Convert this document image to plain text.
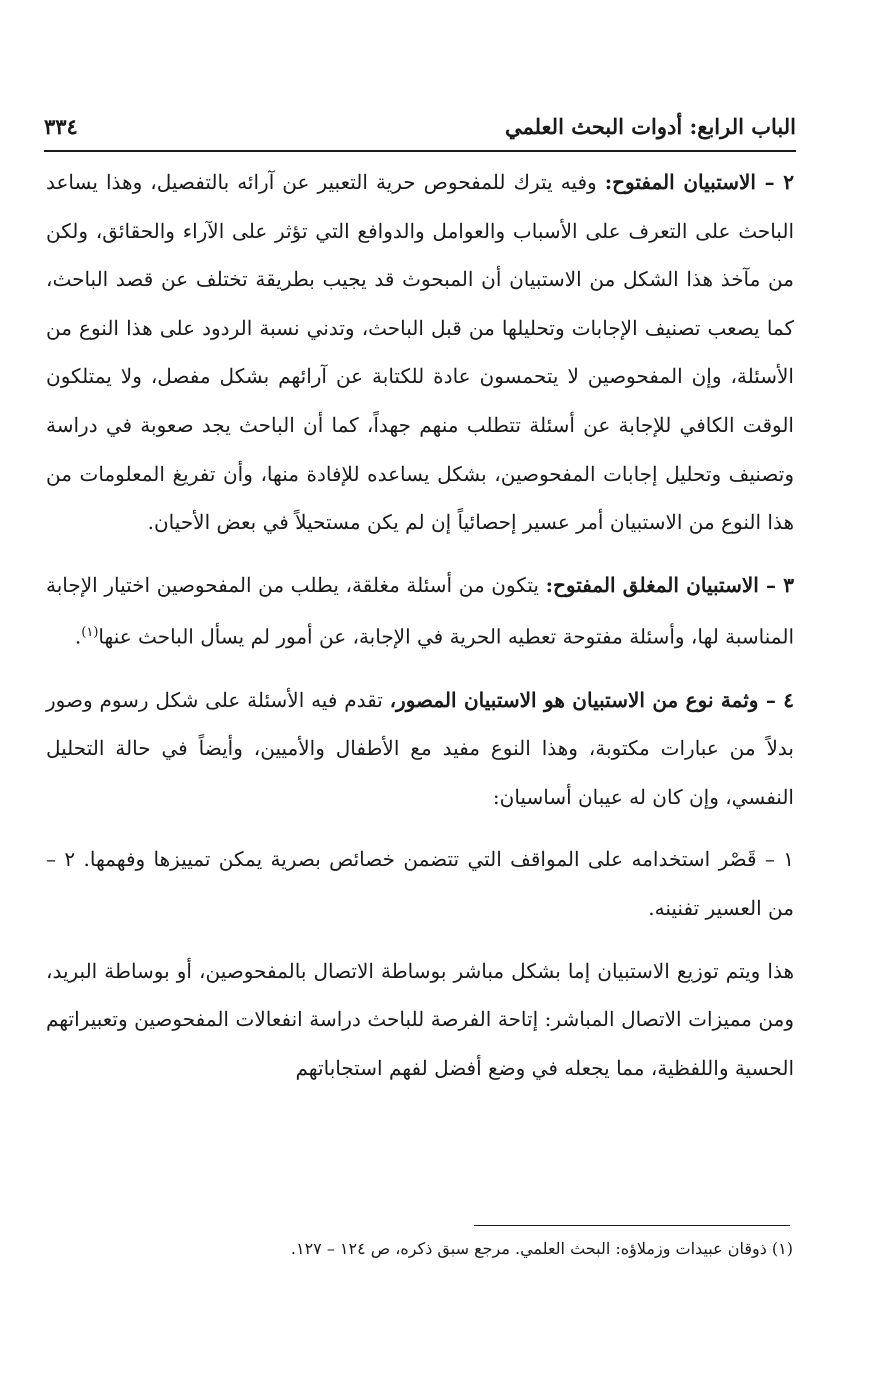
الباب الرابع: أدوات البحث العلمي
٣٣٤

٢ – الاستبيان المفتوح: وفيه يترك للمفحوص حرية التعبير عن آرائه بالتفصيل، وهذا يساعد الباحث على التعرف على الأسباب والعوامل والدوافع التي تؤثر على الآراء والحقائق، ولكن من مآخذ هذا الشكل من الاستبيان أن المبحوث قد يجيب بطريقة تختلف عن قصد الباحث، كما يصعب تصنيف الإجابات وتحليلها من قبل الباحث، وتدني نسبة الردود على هذا النوع من الأسئلة، وإن المفحوصين لا يتحمسون عادة للكتابة عن آرائهم بشكل مفصل، ولا يمتلكون الوقت الكافي للإجابة عن أسئلة تتطلب منهم جهداً، كما أن الباحث يجد صعوبة في دراسة وتصنيف وتحليل إجابات المفحوصين، بشكل يساعده للإفادة منها، وأن تفريغ المعلومات من هذا النوع من الاستبيان أمر عسير إحصائياً إن لم يكن مستحيلاً في بعض الأحيان.

٣ – الاستبيان المغلق المفتوح: يتكون من أسئلة مغلقة، يطلب من المفحوصين اختيار الإجابة المناسبة لها، وأسئلة مفتوحة تعطيه الحرية في الإجابة، عن أمور لم يسأل الباحث عنها$^{(١)}$.

٤ – وثمة نوع من الاستبيان هو الاستبيان المصور، تقدم فيه الأسئلة على شكل رسوم وصور بدلاً من عبارات مكتوبة، وهذا النوع مفيد مع الأطفال والأميين، وأيضاً في حالة التحليل النفسي، وإن كان له عيبان أساسيان:

١ – قَصْر استخدامه على المواقف التي تتضمن خصائص بصرية يمكن تمييزها وفهمها. ٢ – من العسير تفنينه.

هذا ويتم توزيع الاستبيان إما بشكل مباشر بوساطة الاتصال بالمفحوصين، أو بوساطة البريد، ومن مميزات الاتصال المباشر: إتاحة الفرصة للباحث دراسة انفعالات المفحوصين وتعبيراتهم الحسية واللفظية، مما يجعله في وضع أفضل لفهم استجاباتهم

(١) ذوقان عبيدات وزملاؤه: البحث العلمي. مرجع سبق ذكره، ص ١٢٤ – ١٢٧.
